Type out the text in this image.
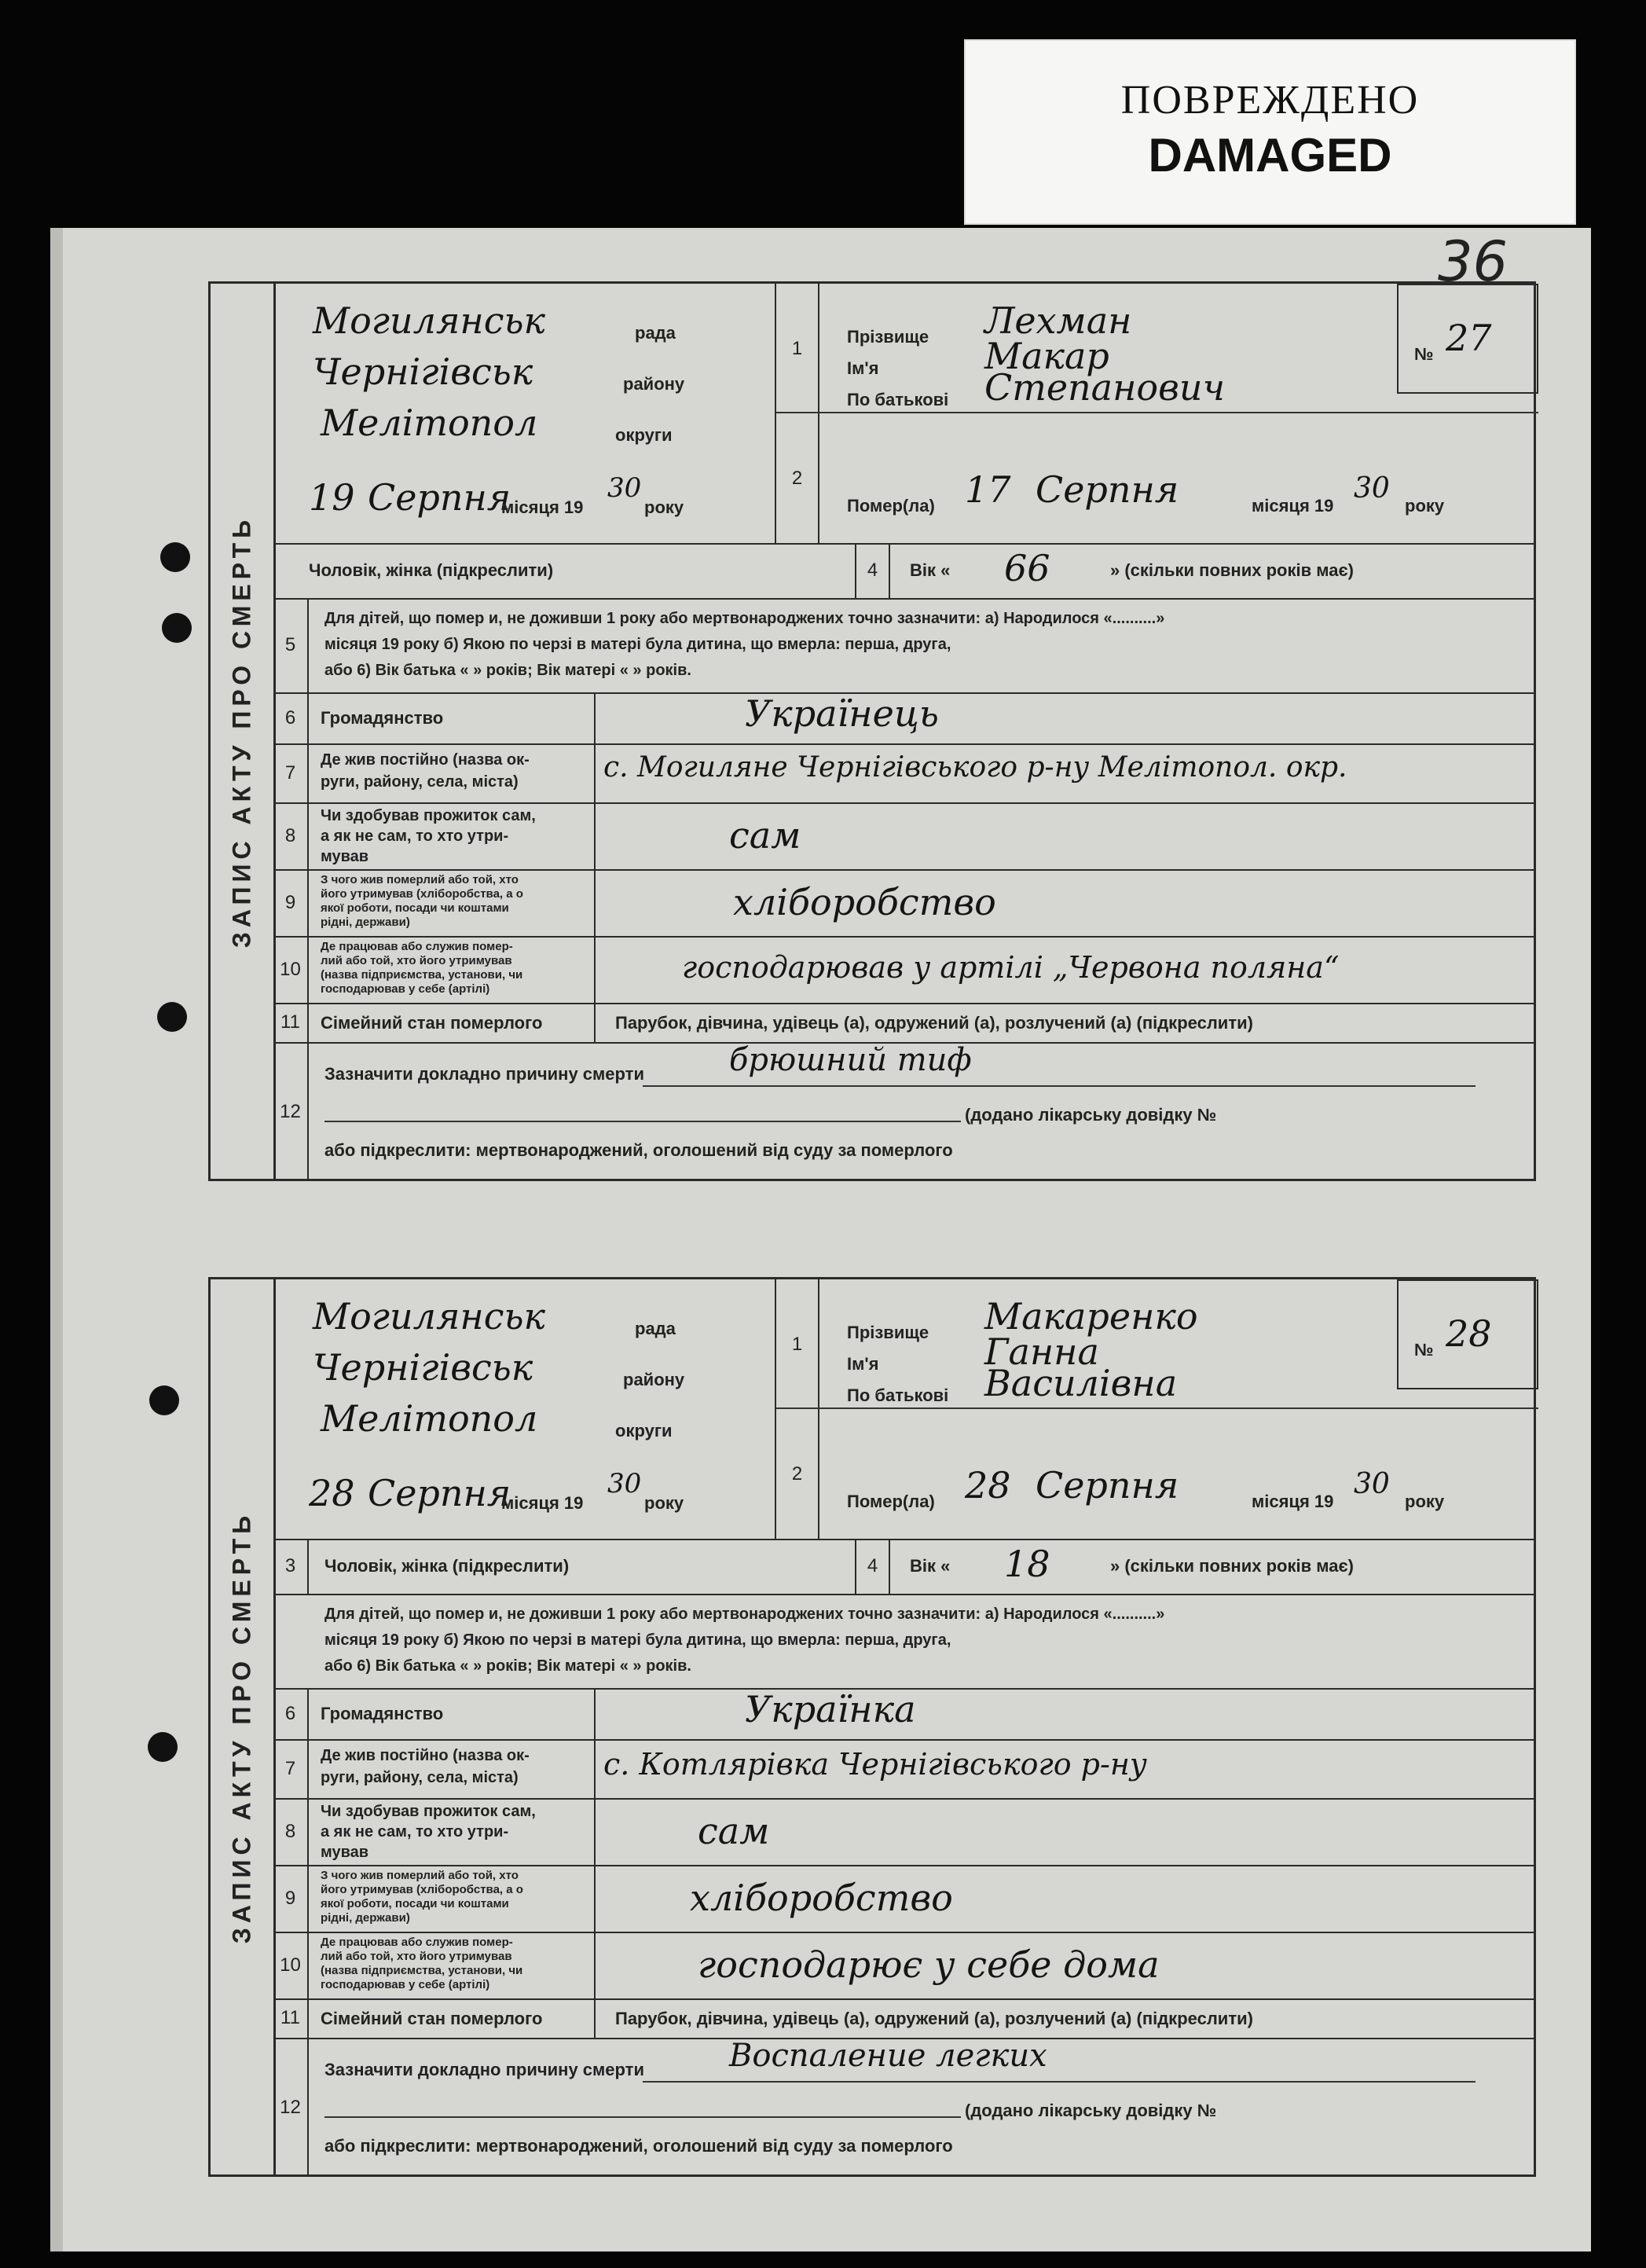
ПОВРЕЖДЕНО
DAMAGED
36
ЗАПИС АКТУ ПРО СМЕРТЬ
Могилянськ	рада
Чернігівськ	району
Мелітопол	округи
19 Серпня
місяця 19
30
року
1
2
Прізвище Лехман
Ім'я	Макар
По батькові Степанович
Помер(ла) 17 Серпня	місяця 19
30
року
№ 27
Чоловік, жінка (підкреслити)	4	Вік « 66	» (скільки повних років має)
5
Для дітей, що помер и, не доживши 1 року або мертвонароджених точно зазначити: а) Народилося «..........»
місяця 19 року б) Якою по черзі в матері була дитина, що вмерла: перша, друга,
або 6) Вік батька « » років; Вік матері « » років.
6	Громадянство	Українець
7
Де жив постійно (назва ок-
руги, району, села, міста)	с. Могиляне Чернігівського р-ну Мелітопол. окр.
8
Чи здобував прожиток сам,
а як не сам, то хто утри-
мував	сам
9
З чого жив померлий або той, хто
його утримував (хліборобства, а о
якої роботи, посади чи коштами
рідні, держави)	хліборобство
10
Де працював або служив помер-
лий або той, хто його утримував
(назва підприємства, установи, чи
господарював у себе (артілі)
господарював у артілі „Червона поляна“
11	Сімейний стан померлого	Парубок, дівчина, удівець (а), одружений (а), розлучений (а) (підкреслити)
12
Зазначити докладно причину смерти	брюшний тиф
(додано лікарську довідку №
або підкреслити: мертвонароджений, оголошений від суду за померлого
ЗАПИС АКТУ ПРО СМЕРТЬ
Могилянськ	рада
Чернігівськ	району
Мелітопол	округи
28 Серпня
місяця 19
30
року
1
2
Прізвище Макаренко
Ім'я	Ганна
По батькові Василівна
Помер(ла) 28 Серпня	місяця 19
30
року
№ 28
3	Чоловік, жінка (підкреслити)	4	Вік « 18	» (скільки повних років має)
Для дітей, що помер и, не доживши 1 року або мертвонароджених точно зазначити: а) Народилося «..........»
місяця 19 року б) Якою по черзі в матері була дитина, що вмерла: перша, друга,
або 6) Вік батька « » років; Вік матері « » років.
6	Громадянство	Українка
7
Де жив постійно (назва ок-
руги, району, села, міста)	с. Котлярівка Чернігівського р-ну
8
Чи здобував прожиток сам,
а як не сам, то хто утри-
мував	сам
9
З чого жив померлий або той, хто
його утримував (хліборобства, а о
якої роботи, посади чи коштами
рідні, держави)	хліборобство
10
Де працював або служив помер-
лий або той, хто його утримував
(назва підприємства, установи, чи
господарював у себе (артілі)	господарює у себе дома
11	Сімейний стан померлого	Парубок, дівчина, удівець (а), одружений (а), розлучений (а) (підкреслити)
12
Зазначити докладно причину смерти	Воспаление легких
(додано лікарську довідку №
або підкреслити: мертвонароджений, оголошений від суду за померлого
